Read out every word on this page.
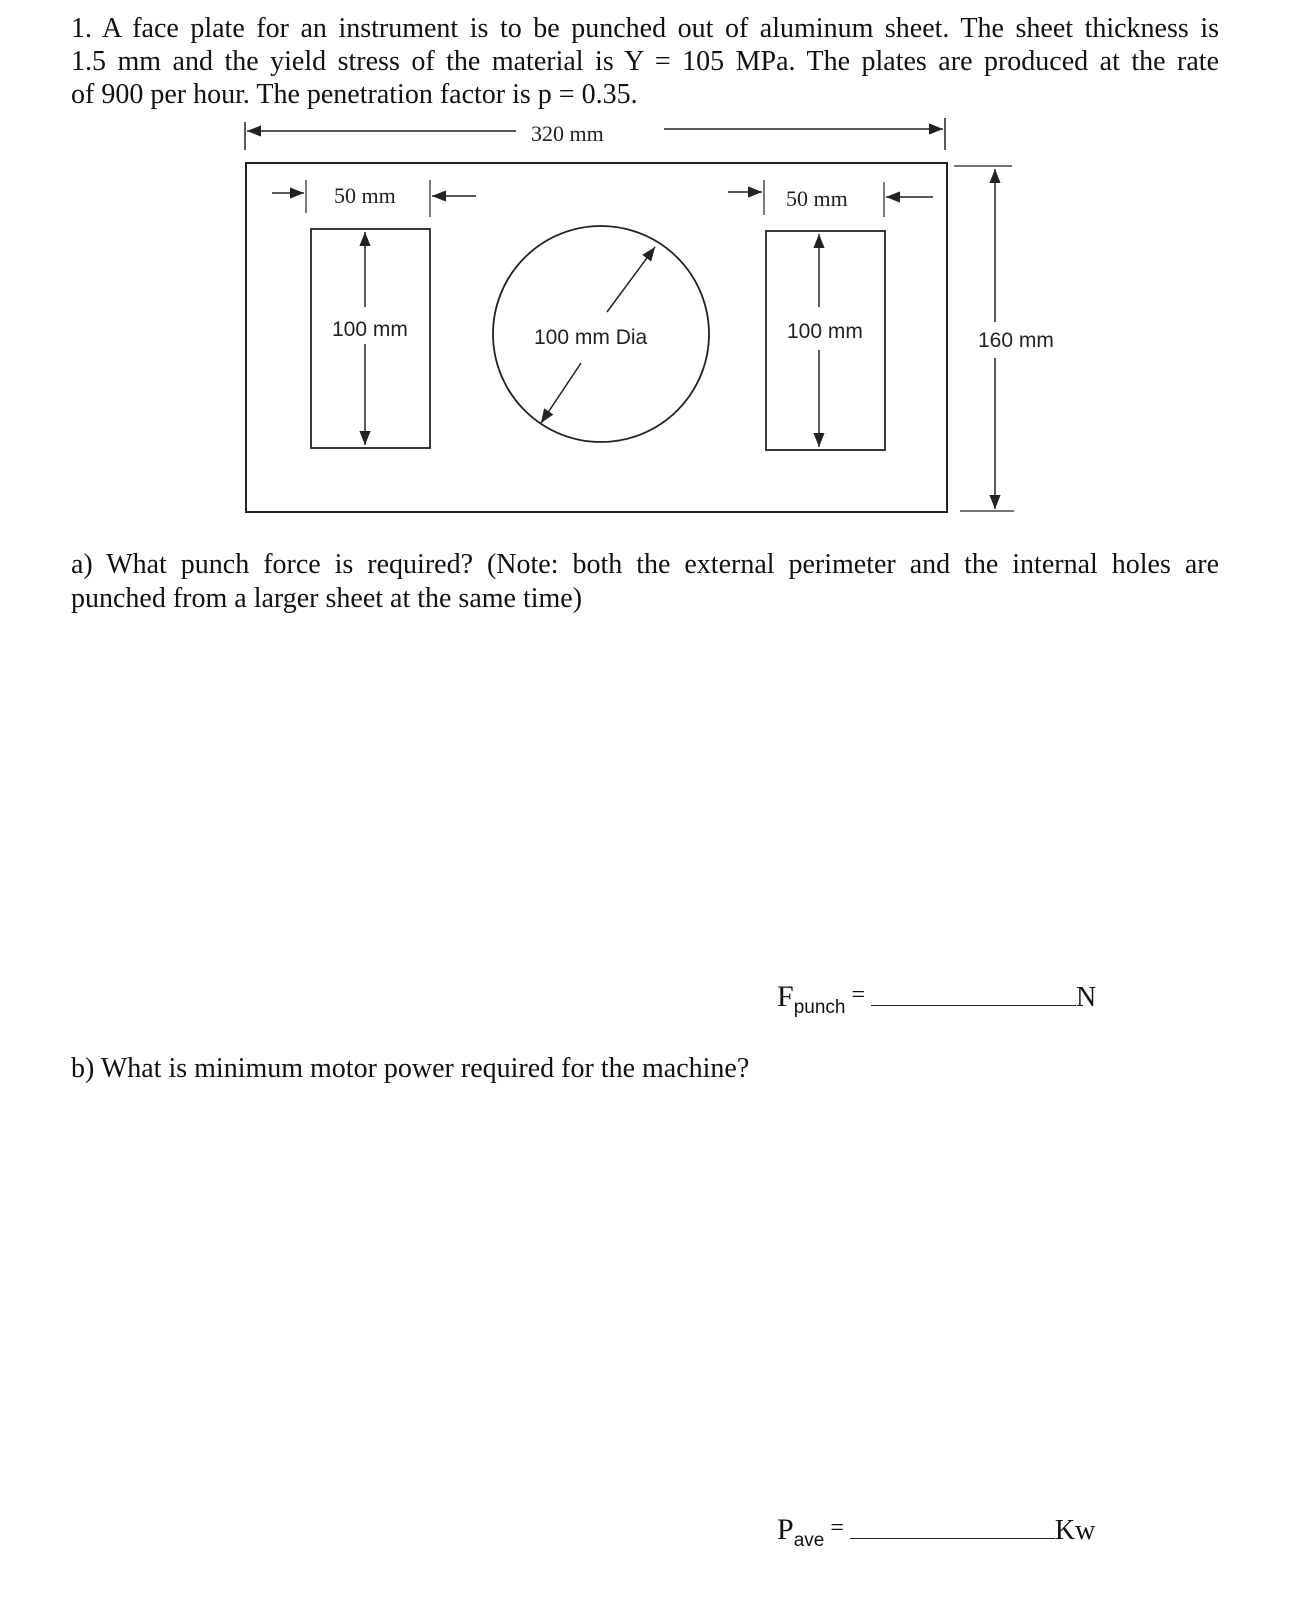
1. A face plate for an instrument is to be punched out of aluminum sheet. The sheet thickness is
1.5 mm and the yield stress of the material is Y = 105 MPa. The plates are produced at the rate
of 900 per hour. The penetration factor is p = 0.35.
320 mm
50 mm	50 mm
100 mm	100 mm Dia	100 mm	160 mm
a) What punch force is required? (Note: both the external perimeter and the internal holes are
punched from a larger sheet at the same time)
$F_{punch}$ =	N
b) What is minimum motor power required for the machine?
$P_{ave}$ =	Kw
